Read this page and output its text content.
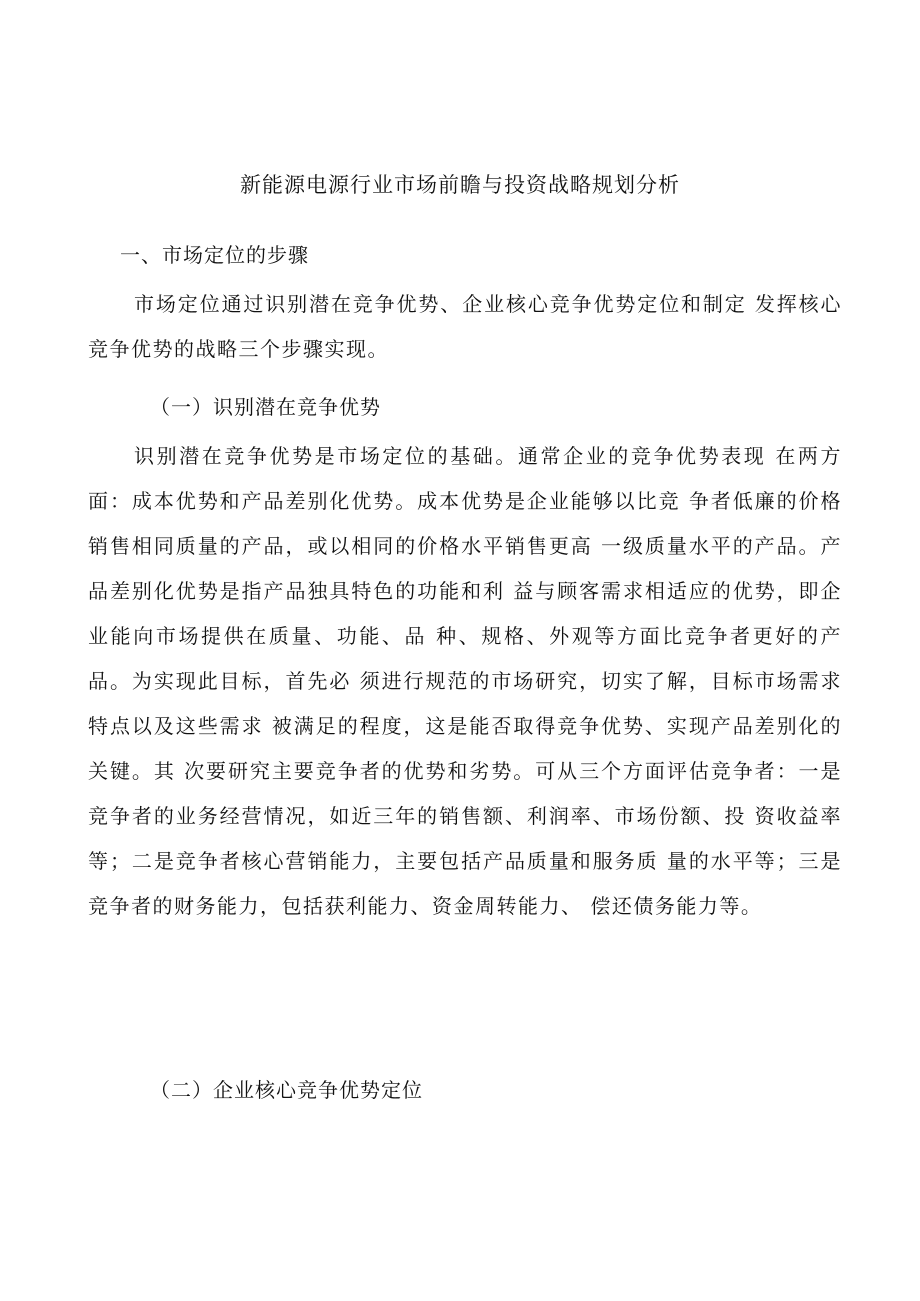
新能源电源行业市场前瞻与投资战略规划分析
一、市场定位的步骤
市场定位通过识别潜在竞争优势、企业核心竞争优势定位和制定 发挥核心竞争优势的战略三个步骤实现。
（一）识别潜在竞争优势
识别潜在竞争优势是市场定位的基础。通常企业的竞争优势表现 在两方面：成本优势和产品差别化优势。成本优势是企业能够以比竞 争者低廉的价格销售相同质量的产品，或以相同的价格水平销售更高 一级质量水平的产品。产品差别化优势是指产品独具特色的功能和利 益与顾客需求相适应的优势，即企业能向市场提供在质量、功能、品 种、规格、外观等方面比竞争者更好的产品。为实现此目标，首先必 须进行规范的市场研究，切实了解，目标市场需求特点以及这些需求 被满足的程度，这是能否取得竞争优势、实现产品差别化的关键。其 次要研究主要竞争者的优势和劣势。可从三个方面评估竞争者：一是 竞争者的业务经营情况，如近三年的销售额、利润率、市场份额、投 资收益率等；二是竞争者核心营销能力，主要包括产品质量和服务质 量的水平等；三是竞争者的财务能力，包括获利能力、资金周转能力、 偿还债务能力等。
（二）企业核心竞争优势定位
